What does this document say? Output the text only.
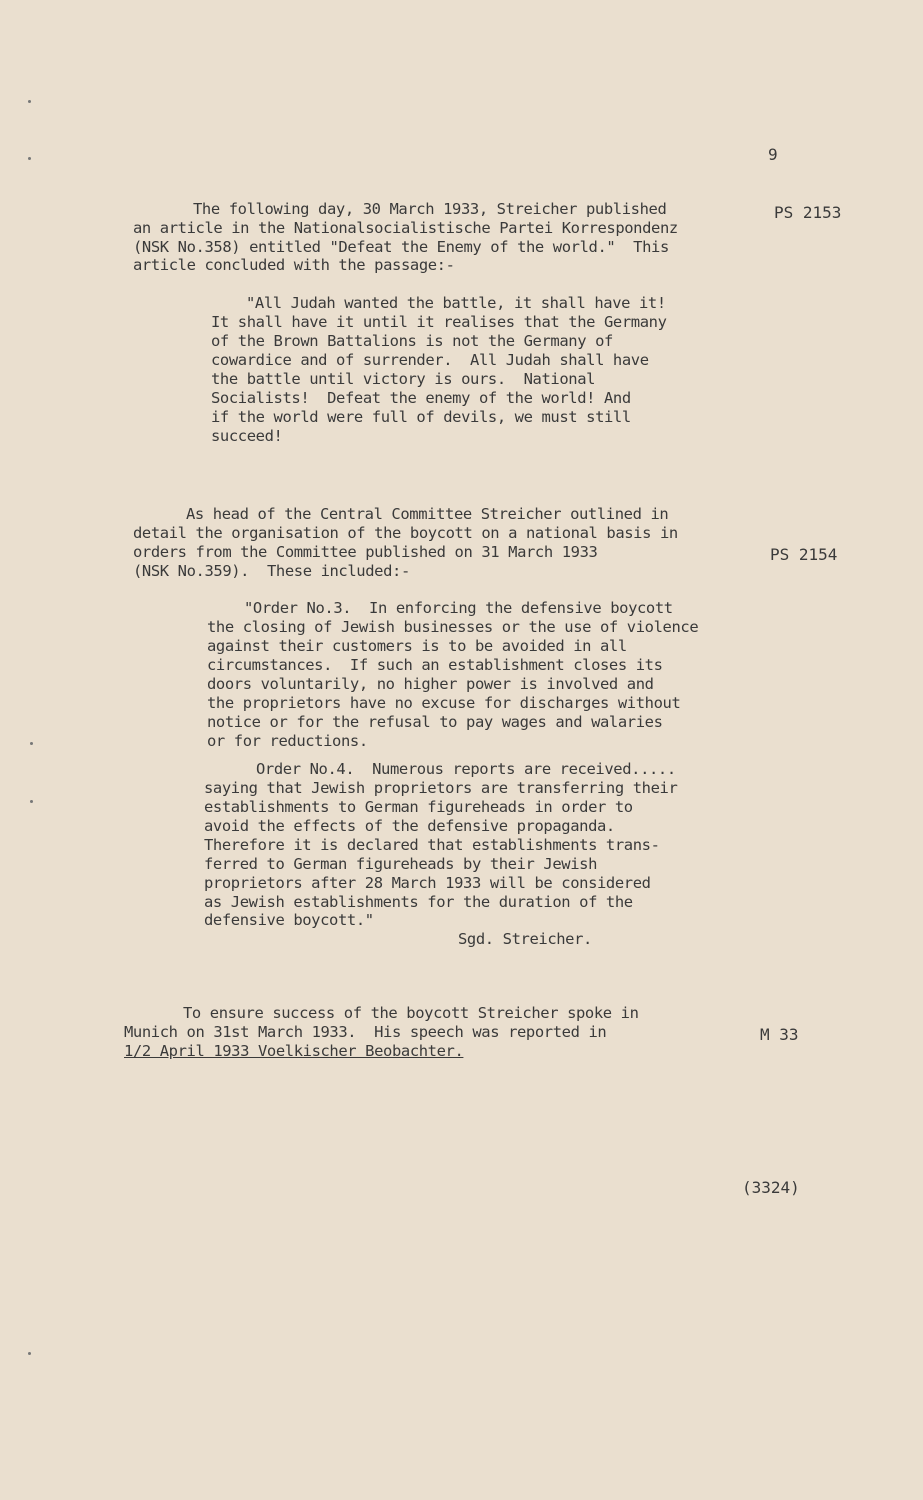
9
PS 2153
The following day, 30 March 1933, Streicher published
an article in the Nationalsocialistische Partei Korrespondenz
(NSK No.358) entitled "Defeat the Enemy of the world."  This
article concluded with the passage:-
"All Judah wanted the battle, it shall have it!
It shall have it until it realises that the Germany
of the Brown Battalions is not the Germany of
cowardice and of surrender.  All Judah shall have
the battle until victory is ours.  National
Socialists!  Defeat the enemy of the world! And
if the world were full of devils, we must still
succeed!
As head of the Central Committee Streicher outlined in
detail the organisation of the boycott on a national basis in
orders from the Committee published on 31 March 1933
(NSK No.359).  These included:-
PS 2154
"Order No.3.  In enforcing the defensive boycott
the closing of Jewish businesses or the use of violence
against their customers is to be avoided in all
circumstances.  If such an establishment closes its
doors voluntarily, no higher power is involved and
the proprietors have no excuse for discharges without
notice or for the refusal to pay wages and walaries
or for reductions.
Order No.4.  Numerous reports are received.....
saying that Jewish proprietors are transferring their
establishments to German figureheads in order to
avoid the effects of the defensive propaganda.
Therefore it is declared that establishments trans-
ferred to German figureheads by their Jewish
proprietors after 28 March 1933 will be considered
as Jewish establishments for the duration of the
defensive boycott."
Sgd. Streicher.
To ensure success of the boycott Streicher spoke in
Munich on 31st March 1933.  His speech was reported in
1/2 April 1933 Voelkischer Beobachter.
M 33
(3324)
